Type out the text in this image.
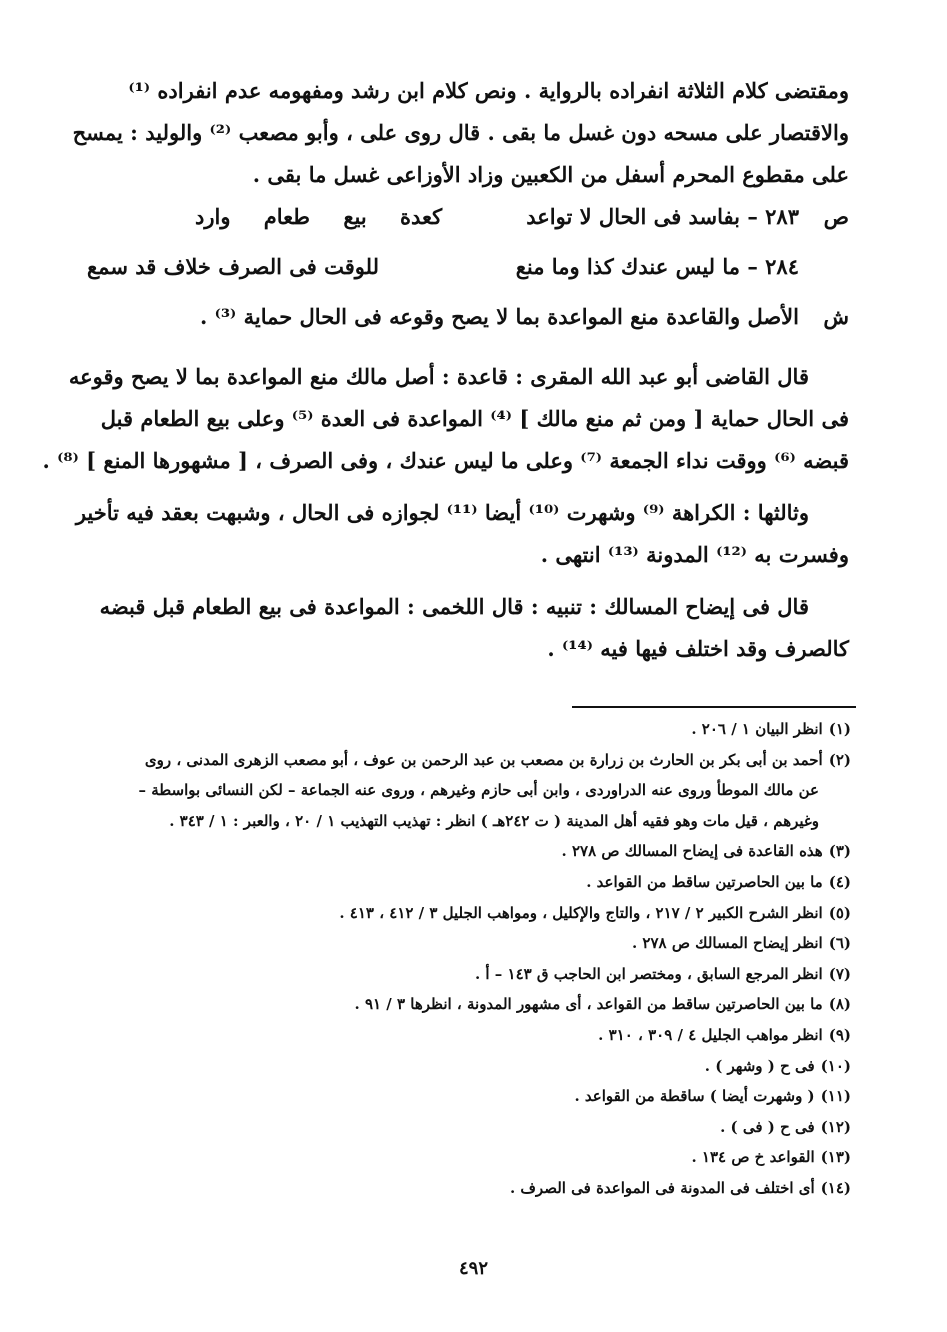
ومقتضى كلام الثلاثة انفراده بالرواية . ونص كلام ابن رشد ومفهومه عدم انفراده ⁽¹⁾
والاقتصار على مسحه دون غسل ما بقى . قال روى على ، وأبو مصعب ⁽²⁾ والوليد : يمسح
على مقطوع المحرم أسفل من الكعبين وزاد الأوزاعى غسل ما بقى .

ص
٢٨٣ – بفاسد فى الحال لا تواعد
كعدة بيع طعام وارد
٢٨٤ – ما ليس عندك كذا وما منع
للوقت فى الصرف خلاف قد سمع
ش
الأصل والقاعدة منع المواعدة بما لا يصح وقوعه فى الحال حماية ⁽³⁾ .

قال القاضى أبو عبد الله المقرى : قاعدة : أصل مالك منع المواعدة بما لا يصح وقوعه
فى الحال حماية [ ومن ثم منع مالك ] ⁽⁴⁾ المواعدة فى العدة ⁽⁵⁾ وعلى بيع الطعام قبل
قبضه ⁽⁶⁾ ووقت نداء الجمعة ⁽⁷⁾ وعلى ما ليس عندك ، وفى الصرف ، [ مشهورها المنع ] ⁽⁸⁾ .

وثالثها : الكراهة ⁽⁹⁾ وشهرت ⁽¹⁰⁾ أيضا ⁽¹¹⁾ لجوازه فى الحال ، وشبهت بعقد فيه تأخير
وفسرت به ⁽¹²⁾ المدونة ⁽¹³⁾ انتهى .

قال فى إيضاح المسالك : تنبيه : قال اللخمى : المواعدة فى بيع الطعام قبل قبضه
كالصرف وقد اختلف فيها فيه ⁽¹⁴⁾ .

(١)انظر البيان ١ / ٢٠٦ .
(٢)أحمد بن أبى بكر بن الحارث بن زرارة بن مصعب بن عبد الرحمن بن عوف ، أبو مصعب الزهرى المدنى ، روى
عن مالك الموطأ وروى عنه الدراوردى ، وابن أبى حازم وغيرهم ، وروى عنه الجماعة – لكن النسائى بواسطة –
وغيرهم ، قيل مات وهو فقيه أهل المدينة ( ت ٢٤٢هـ ) انظر : تهذيب التهذيب ١ / ٢٠ ، والعبر : ١ / ٣٤٣ .
(٣)هذه القاعدة فى إيضاح المسالك ص ٢٧٨ .
(٤)ما بين الحاصرتين ساقط من القواعد .
(٥)انظر الشرح الكبير ٢ / ٢١٧ ، والتاج والإكليل ، ومواهب الجليل ٣ / ٤١٢ ، ٤١٣ .
(٦)انظر إيضاح المسالك ص ٢٧٨ .
(٧)انظر المرجع السابق ، ومختصر ابن الحاجب ق ١٤٣ – أ .
(٨)ما بين الحاصرتين ساقط من القواعد ، أى مشهور المدونة ، انظرها ٣ / ٩١ .
(٩)انظر مواهب الجليل ٤ / ٣٠٩ ، ٣١٠ .
(١٠)فى ح ( وشهر ) .
(١١)( وشهرت أيضا ) ساقطة من القواعد .
(١٢)فى ح ( فى ) .
(١٣)القواعد خ ص ١٣٤ .
(١٤)أى اختلف فى المدونة فى المواعدة فى الصرف .
٤٩٢
